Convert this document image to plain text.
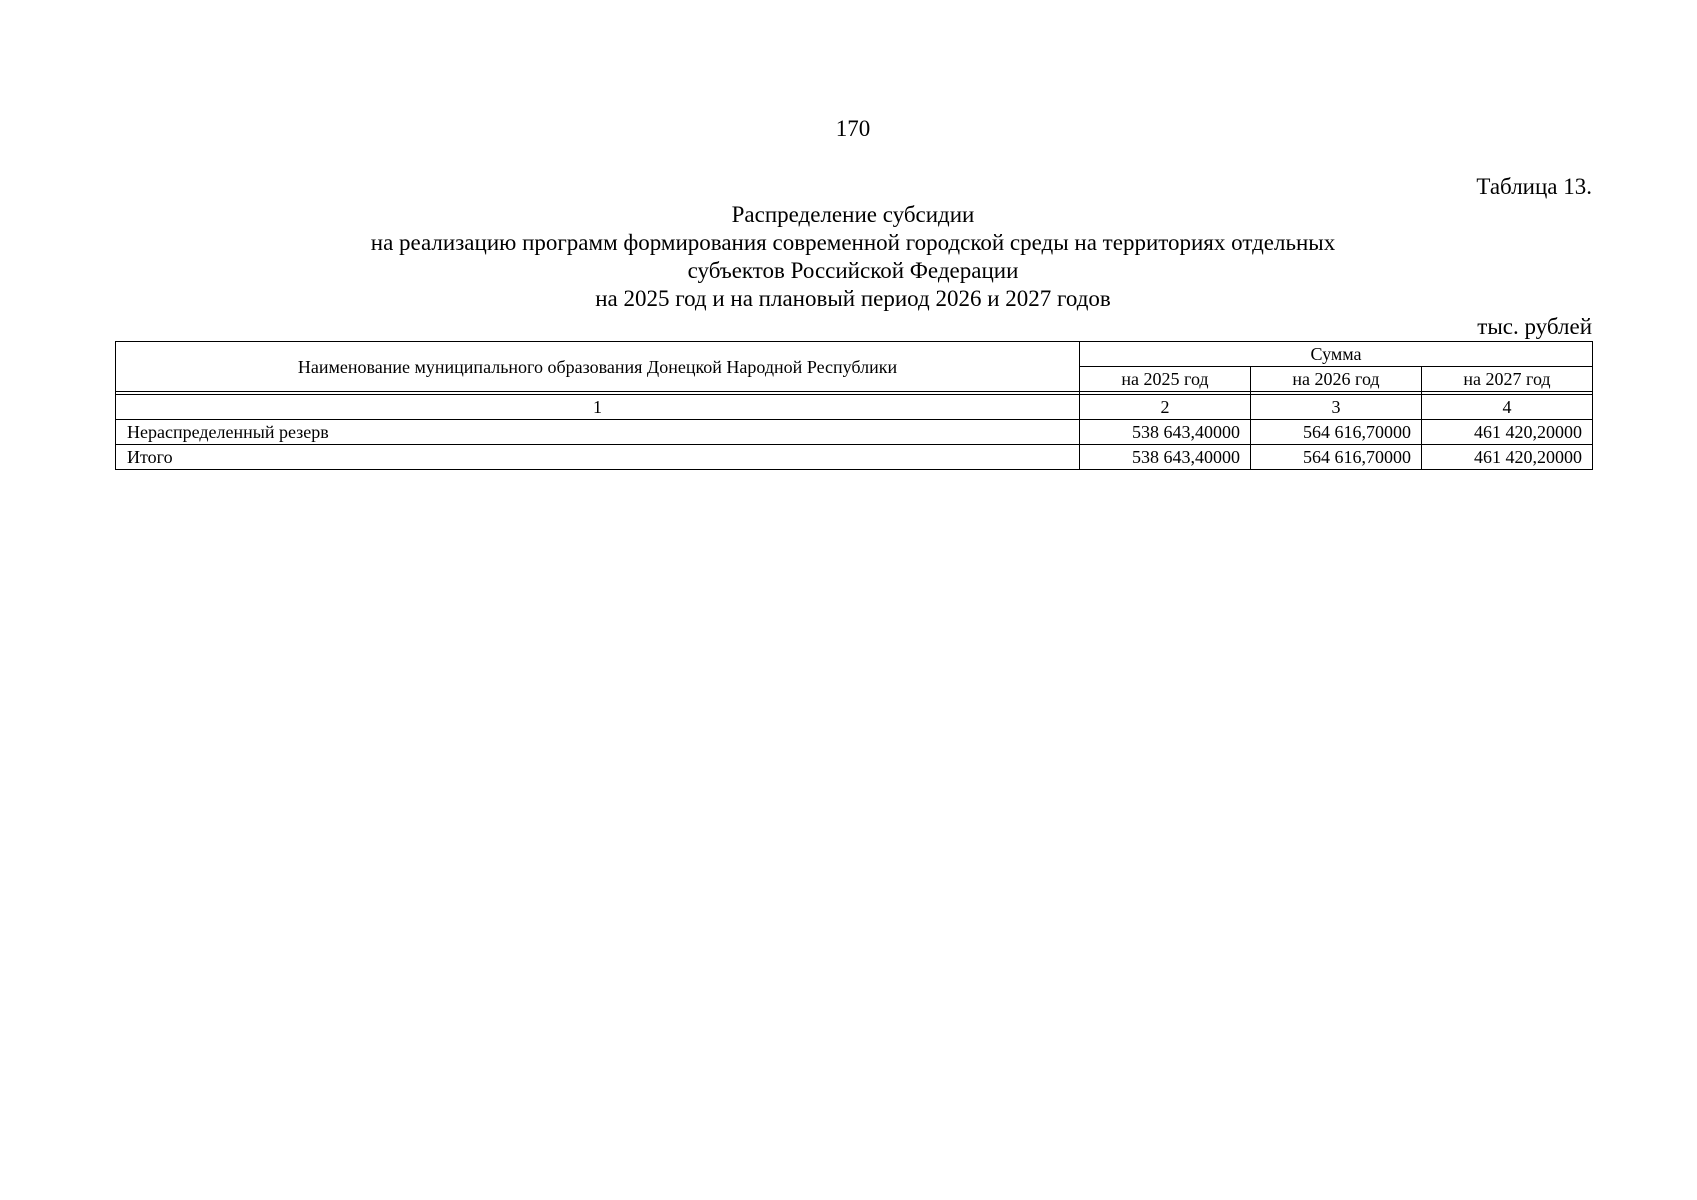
170
Таблица 13.
Распределение субсидии
на реализацию программ формирования современной городской среды на территориях отдельных
субъектов Российской Федерации
на 2025 год и на плановый период 2026 и 2027 годов
тыс. рублей
Наименование муниципального образования Донецкой Народной Республики	Сумма		
	на 2025 год	на 2026 год	на 2027 год

1	2	3	4
Нераспределенный резерв	538 643,40000	564 616,70000	461 420,20000
Итого	538 643,40000	564 616,70000	461 420,20000
